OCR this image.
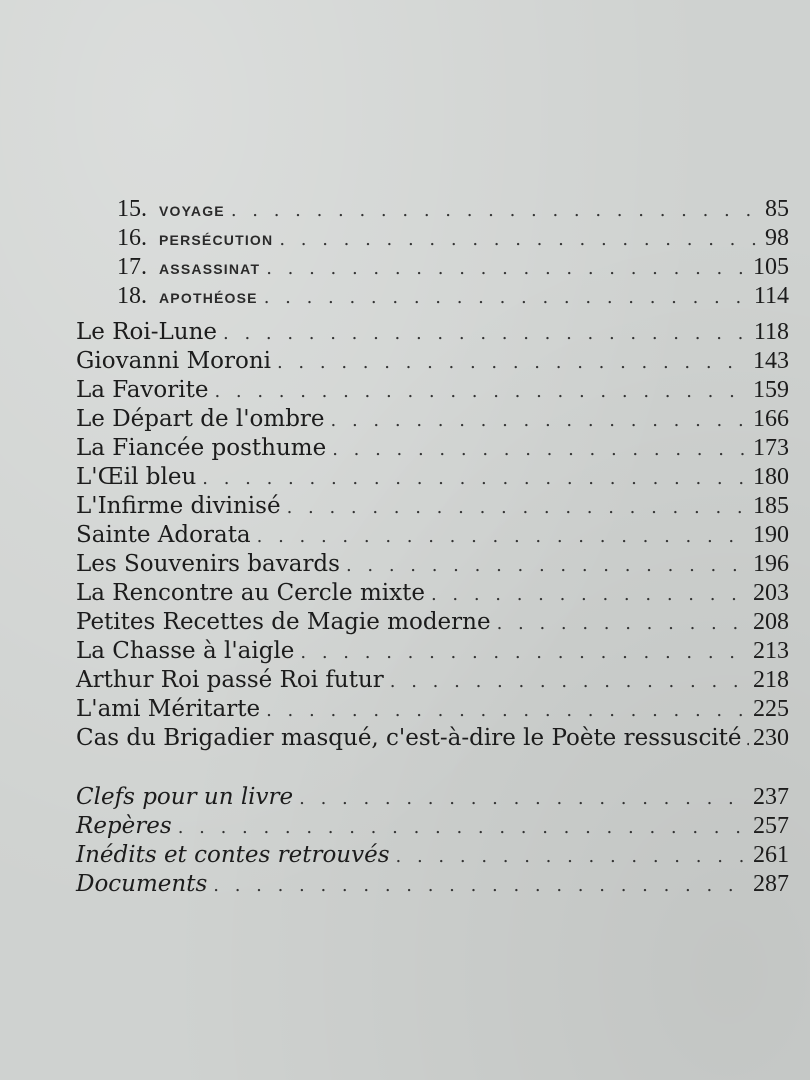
15. voyage . . .	85
16. persécution . . .	98
17. assassinat . . .	105
18. apothéose . . .	114
Le Roi-Lune . . .	118
Giovanni Moroni . . .	143
La Favorite . . .	159
Le Départ de l'ombre . . .	166
La Fiancée posthume . . .	173
L'Œil bleu . . .	180
L'Infirme divinisé . . .	185
Sainte Adorata . . .	190
Les Souvenirs bavards . . .	196
La Rencontre au Cercle mixte . . .	203
Petites Recettes de Magie moderne . . .	208
La Chasse à l'aigle . . .	213
Arthur Roi passé Roi futur . . .	218
L'ami Méritarte . . .	225
Cas du Brigadier masqué, c'est-à-dire le Poète ressuscité . . . 230
Clefs pour un livre . . .	237
Repères . . .	257
Inédits et contes retrouvés . . .	261
Documents . . .	287
